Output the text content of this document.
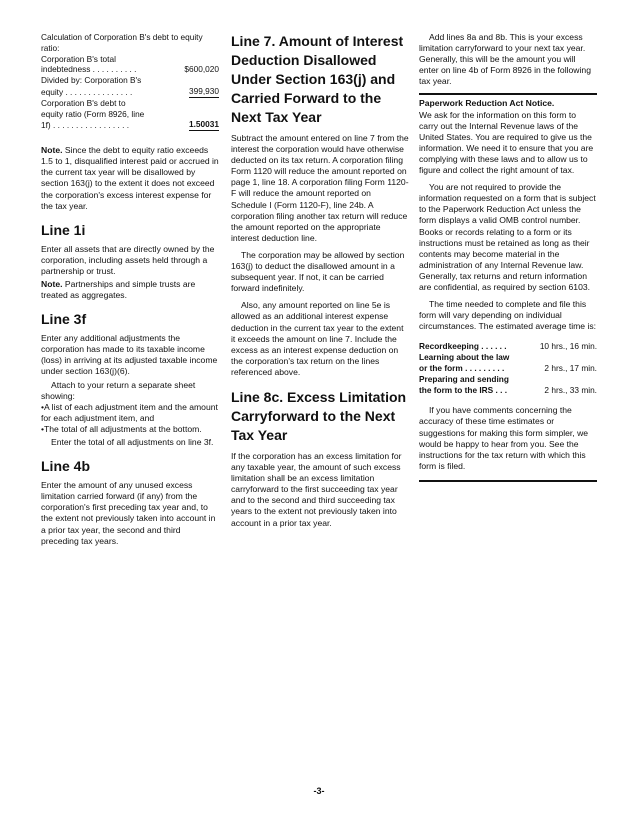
Calculation of Corporation B's debt to equity ratio:
Corporation B's total
indebtedness . . . . . . . . . .	$600,020
Divided by: Corporation B's
equity . . . . . . . . . . . . . . .	399,930
Corporation B's debt to
equity ratio (Form 8926, line
1f) . . . . . . . . . . . . . . . . .	1.50031

Note. Since the debt to equity ratio exceeds 1.5 to 1, disqualified interest paid or accrued in the current tax year will be disallowed by section 163(j) to the extent it does not exceed the corporation's excess interest expense for the tax year.

Line 1i

Enter all assets that are directly owned by the corporation, including assets held through a partnership or trust.

Note. Partnerships and simple trusts are treated as aggregates.

Line 3f

Enter any additional adjustments the corporation has made to its taxable income (loss) in arriving at its adjusted taxable income under section 163(j)(6).

Attach to your return a separate sheet showing:

• A list of each adjustment item and the amount for each adjustment item, and

• The total of all adjustments at the bottom.

Enter the total of all adjustments on line 3f.

Line 4b

Enter the amount of any unused excess limitation carried forward (if any) from the corporation's first preceding tax year and, to the extent not previously taken into account in a prior tax year, the second and third preceding tax years.

Line 7. Amount of Interest Deduction Disallowed Under Section 163(j) and Carried Forward to the Next Tax Year

Subtract the amount entered on line 7 from the interest the corporation would have otherwise deducted on its tax return. A corporation filing Form 1120 will reduce the amount reported on page 1, line 18. A corporation filing Form 1120-F will reduce the amount reported on Schedule I (Form 1120-F), line 24b. A corporation filing another tax return will reduce the amount reported on the appropriate interest deduction line.

The corporation may be allowed by section 163(j) to deduct the disallowed amount in a subsequent year. If not, it can be carried forward indefinitely.

Also, any amount reported on line 5e is allowed as an additional interest expense deduction in the current tax year to the extent it exceeds the amount on line 7. Include the excess as an interest expense deduction on the corporation's tax return on the lines referenced above.

Line 8c. Excess Limitation Carryforward to the Next Tax Year

If the corporation has an excess limitation for any taxable year, the amount of such excess limitation shall be an excess limitation carryforward to the first succeeding tax year and to the second and third succeeding tax years to the extent not previously taken into account in a prior tax year.

Add lines 8a and 8b. This is your excess limitation carryforward to your next tax year. Generally, this will be the amount you will enter on line 4b of Form 8926 in the following tax year.

Paperwork Reduction Act Notice.

We ask for the information on this form to carry out the Internal Revenue laws of the United States. You are required to give us the information. We need it to ensure that you are complying with these laws and to allow us to figure and collect the right amount of tax.

You are not required to provide the information requested on a form that is subject to the Paperwork Reduction Act unless the form displays a valid OMB control number. Books or records relating to a form or its instructions must be retained as long as their contents may become material in the administration of any Internal Revenue law. Generally, tax returns and return information are confidential, as required by section 6103.

The time needed to complete and file this form will vary depending on individual circumstances. The estimated average time is:

Recordkeeping . . . . . .	10 hrs., 16 min.
Learning about the law
or the form . . . . . . . . .	2 hrs., 17 min.
Preparing and sending
the form to the IRS . . .	2 hrs., 33 min.

If you have comments concerning the accuracy of these time estimates or suggestions for making this form simpler, we would be happy to hear from you. See the instructions for the tax return with which this form is filed.

-3-
